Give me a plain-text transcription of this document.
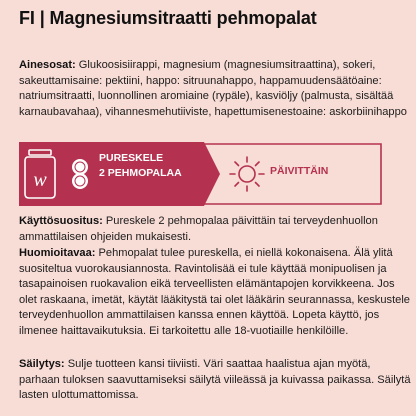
FI | Magnesiumsitraatti pehmopalat
Ainesosat: Glukoosisiirappi, magnesium (magnesiumsitraattina), sokeri, sakeuttamisaine: pektiini, happo: sitruunahappo, happamuudensäätöaine: natriumsitraatti, luonnollinen aromiaine (rypäle), kasviöljy (palmusta, sisältää karnaubavahaa), vihannesmehutiiviste, hapettumisenestoaine: askorbiinihappo
w
PURESKELE
2 PEHMOPALAA	PÄIVITTÄIN
Käyttösuositus: Pureskele 2 pehmopalaa päivittäin tai terveydenhuollon ammattilaisen ohjeiden mukaisesti.
Huomioitavaa: Pehmopalat tulee pureskella, ei niellä kokonaisena. Älä ylitä suositeltua vuorokausiannosta. Ravintolisää ei tule käyttää monipuolisen ja tasapainoisen ruokavalion eikä terveellisten elämäntapojen korvikkeena. Jos olet raskaana, imetät, käytät lääkitystä tai olet lääkärin seurannassa, keskustele terveydenhuollon ammattilaisen kanssa ennen käyttöä. Lopeta käyttö, jos ilmenee haittavaikutuksia. Ei tarkoitettu alle 18-vuotiaille henkilöille.
Säilytys: Sulje tuotteen kansi tiiviisti. Väri saattaa haalistua ajan myötä, parhaan tuloksen saavuttamiseksi säilytä viileässä ja kuivassa paikassa. Säilytä lasten ulottumattomissa.
